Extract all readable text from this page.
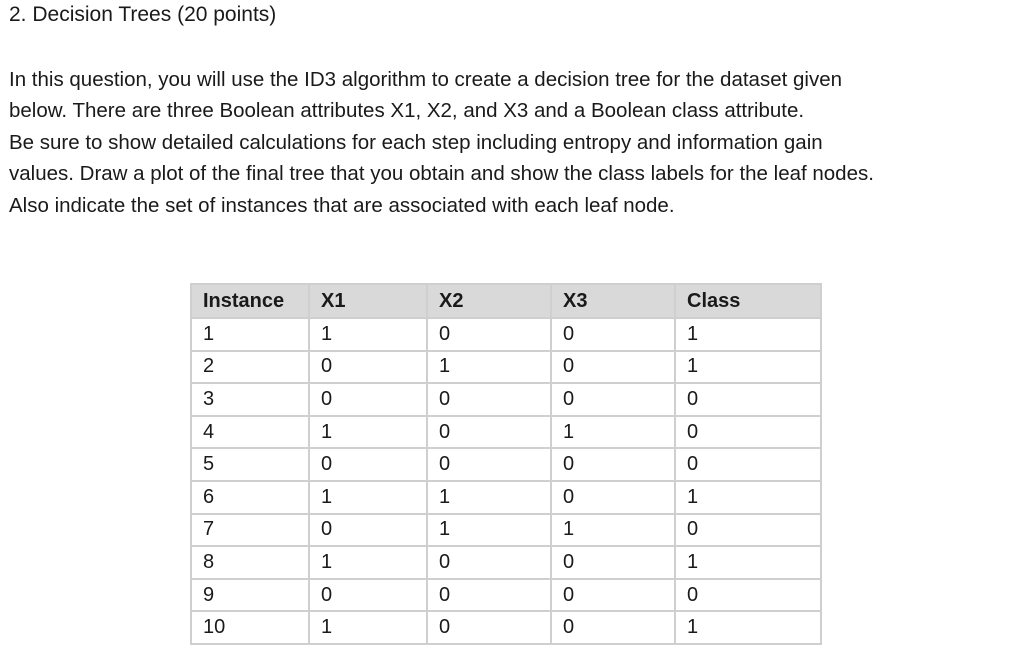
2. Decision Trees (20 points)
In this question, you will use the ID3 algorithm to create a decision tree for the dataset given
below. There are three Boolean attributes X1, X2, and X3 and a Boolean class attribute.
Be sure to show detailed calculations for each step including entropy and information gain
values. Draw a plot of the final tree that you obtain and show the class labels for the leaf nodes.
Also indicate the set of instances that are associated with each leaf node.
Instance	X1	X2	X3	Class
1	1	0	0	1
2	0	1	0	1
3	0	0	0	0
4	1	0	1	0
5	0	0	0	0
6	1	1	0	1
7	0	1	1	0
8	1	0	0	1
9	0	0	0	0
10	1	0	0	1
